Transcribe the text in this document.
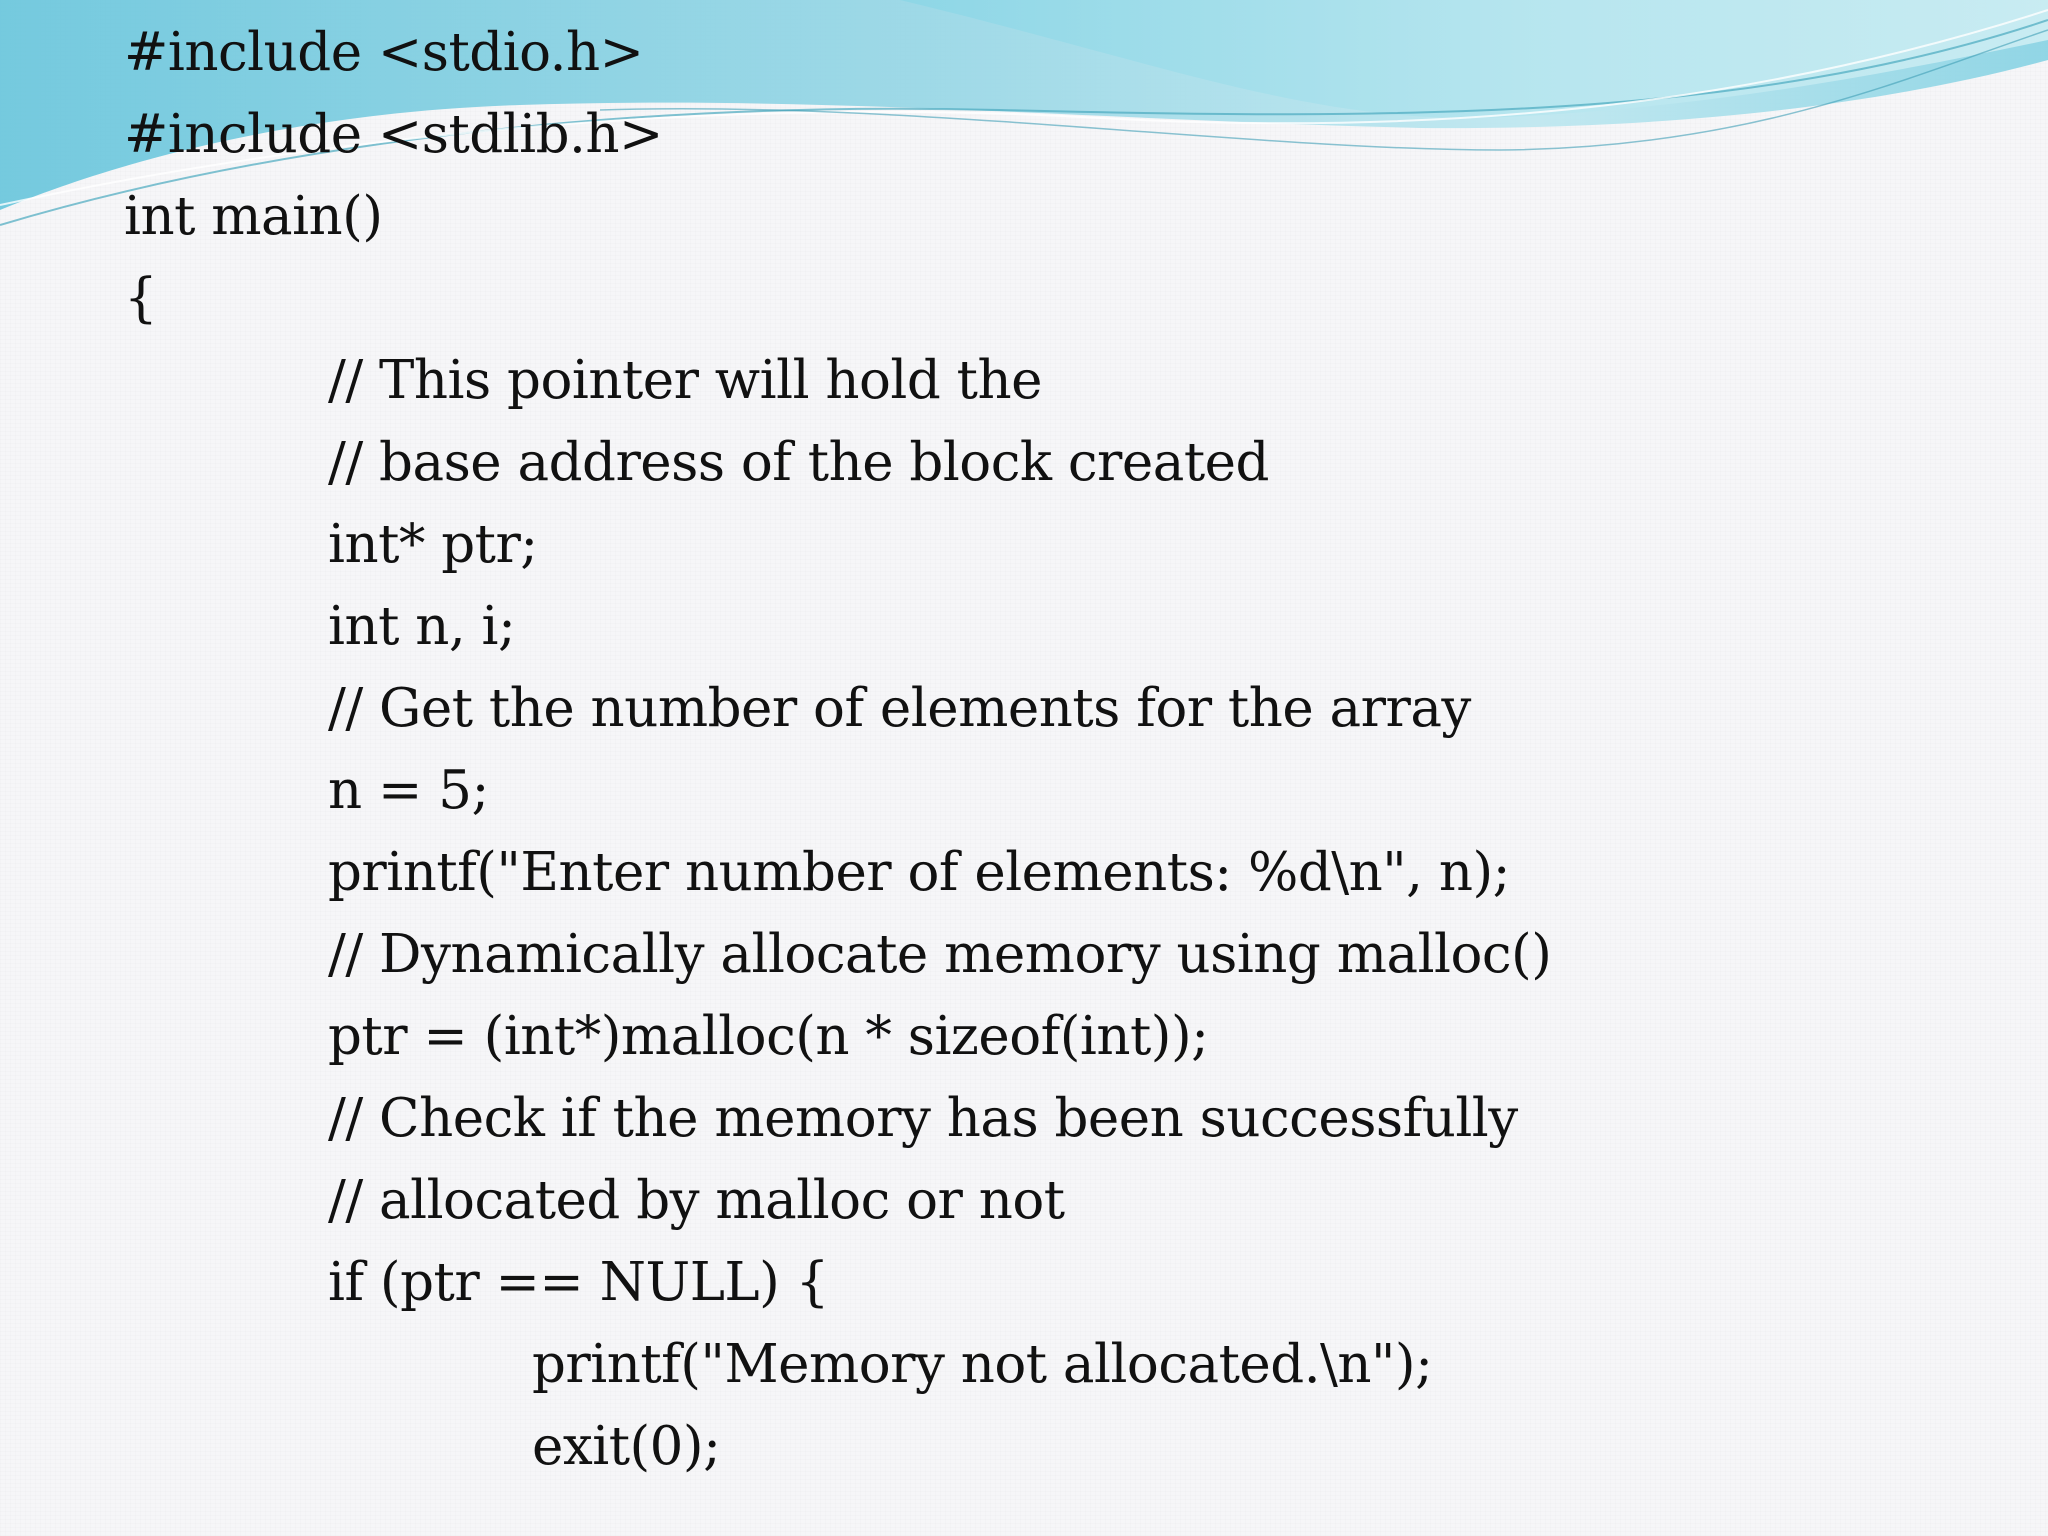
#include <stdio.h>
#include <stdlib.h>
int main()
{
// This pointer will hold the
// base address of the block created
int* ptr;
int n, i;
// Get the number of elements for the array
n = 5;
printf("Enter number of elements: %d\n", n);
// Dynamically allocate memory using malloc()
ptr = (int*)malloc(n * sizeof(int));
// Check if the memory has been successfully
// allocated by malloc or not
if (ptr == NULL) {
printf("Memory not allocated.\n");
exit(0);
